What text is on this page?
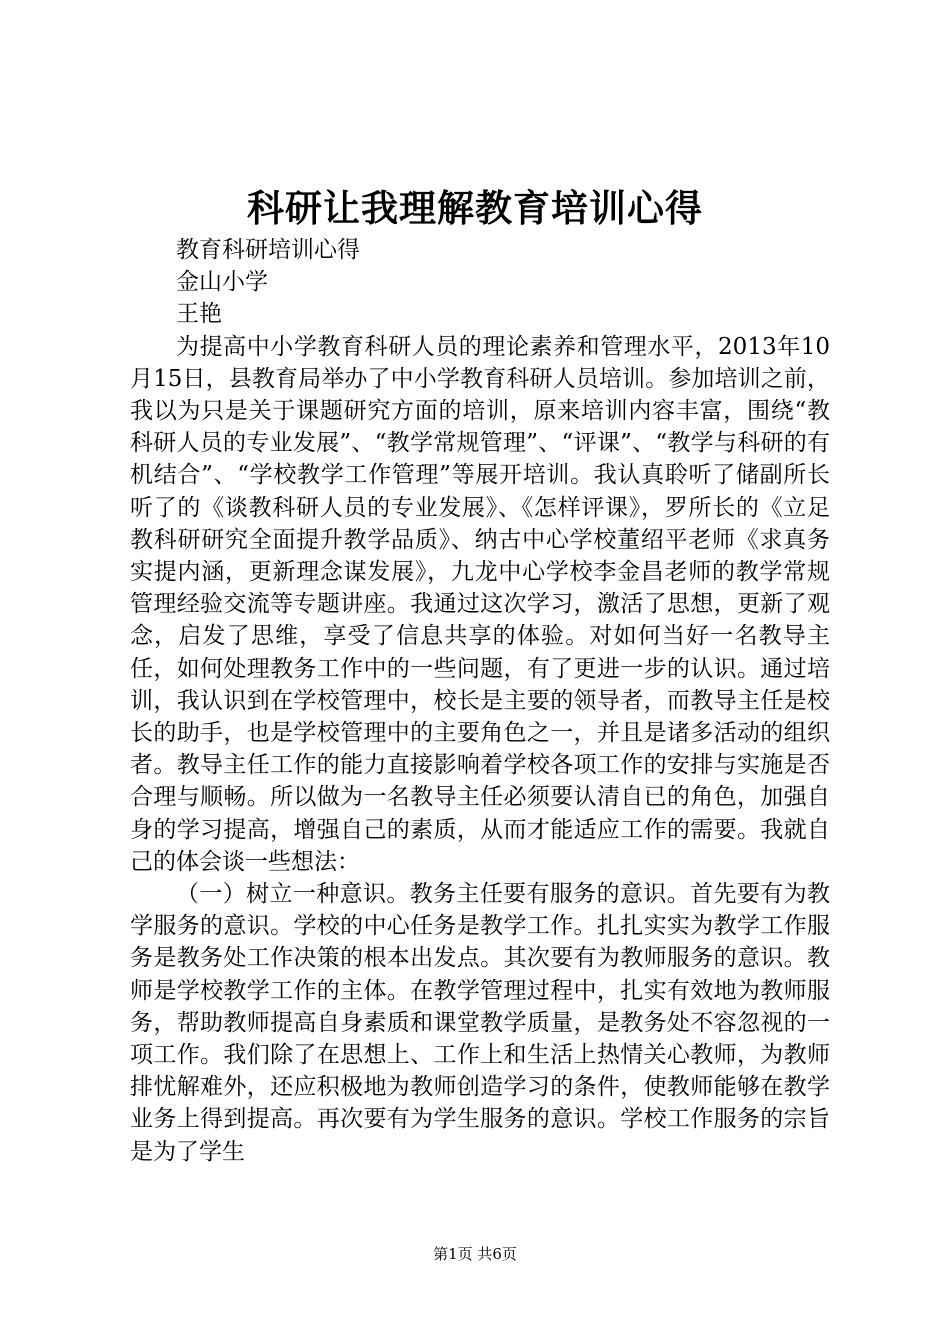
科研让我理解教育培训心得

教育科研培训心得

金山小学

王艳

为提高中小学教育科研人员的理论素养和管理水平，2013年10月15日，县教育局举办了中小学教育科研人员培训。参加培训之前，我以为只是关于课题研究方面的培训，原来培训内容丰富，围绕“教科研人员的专业发展”、“教学常规管理”、“评课”、“教学与科研的有机结合”、“学校教学工作管理”等展开培训。我认真聆听了储副所长听了的《谈教科研人员的专业发展》、《怎样评课》，罗所长的《立足教科研研究全面提升教学品质》、纳古中心学校董绍平老师《求真务实提内涵，更新理念谋发展》，九龙中心学校李金昌老师的教学常规管理经验交流等专题讲座。我通过这次学习，激活了思想，更新了观念，启发了思维，享受了信息共享的体验。对如何当好一名教导主任，如何处理教务工作中的一些问题，有了更进一步的认识。通过培训，我认识到在学校管理中，校长是主要的领导者，而教导主任是校长的助手，也是学校管理中的主要角色之一，并且是诸多活动的组织者。教导主任工作的能力直接影响着学校各项工作的安排与实施是否合理与顺畅。所以做为一名教导主任必须要认清自已的角色，加强自身的学习提高，增强自己的素质，从而才能适应工作的需要。我就自己的体会谈一些想法：

（一）树立一种意识。教务主任要有服务的意识。首先要有为教学服务的意识。学校的中心任务是教学工作。扎扎实实为教学工作服务是教务处工作决策的根本出发点。其次要有为教师服务的意识。教师是学校教学工作的主体。在教学管理过程中，扎实有效地为教师服务，帮助教师提高自身素质和课堂教学质量，是教务处不容忽视的一项工作。我们除了在思想上、工作上和生活上热情关心教师，为教师排忧解难外，还应积极地为教师创造学习的条件，使教师能够在教学业务上得到提高。再次要有为学生服务的意识。学校工作服务的宗旨是为了学生

第1页 共6页
